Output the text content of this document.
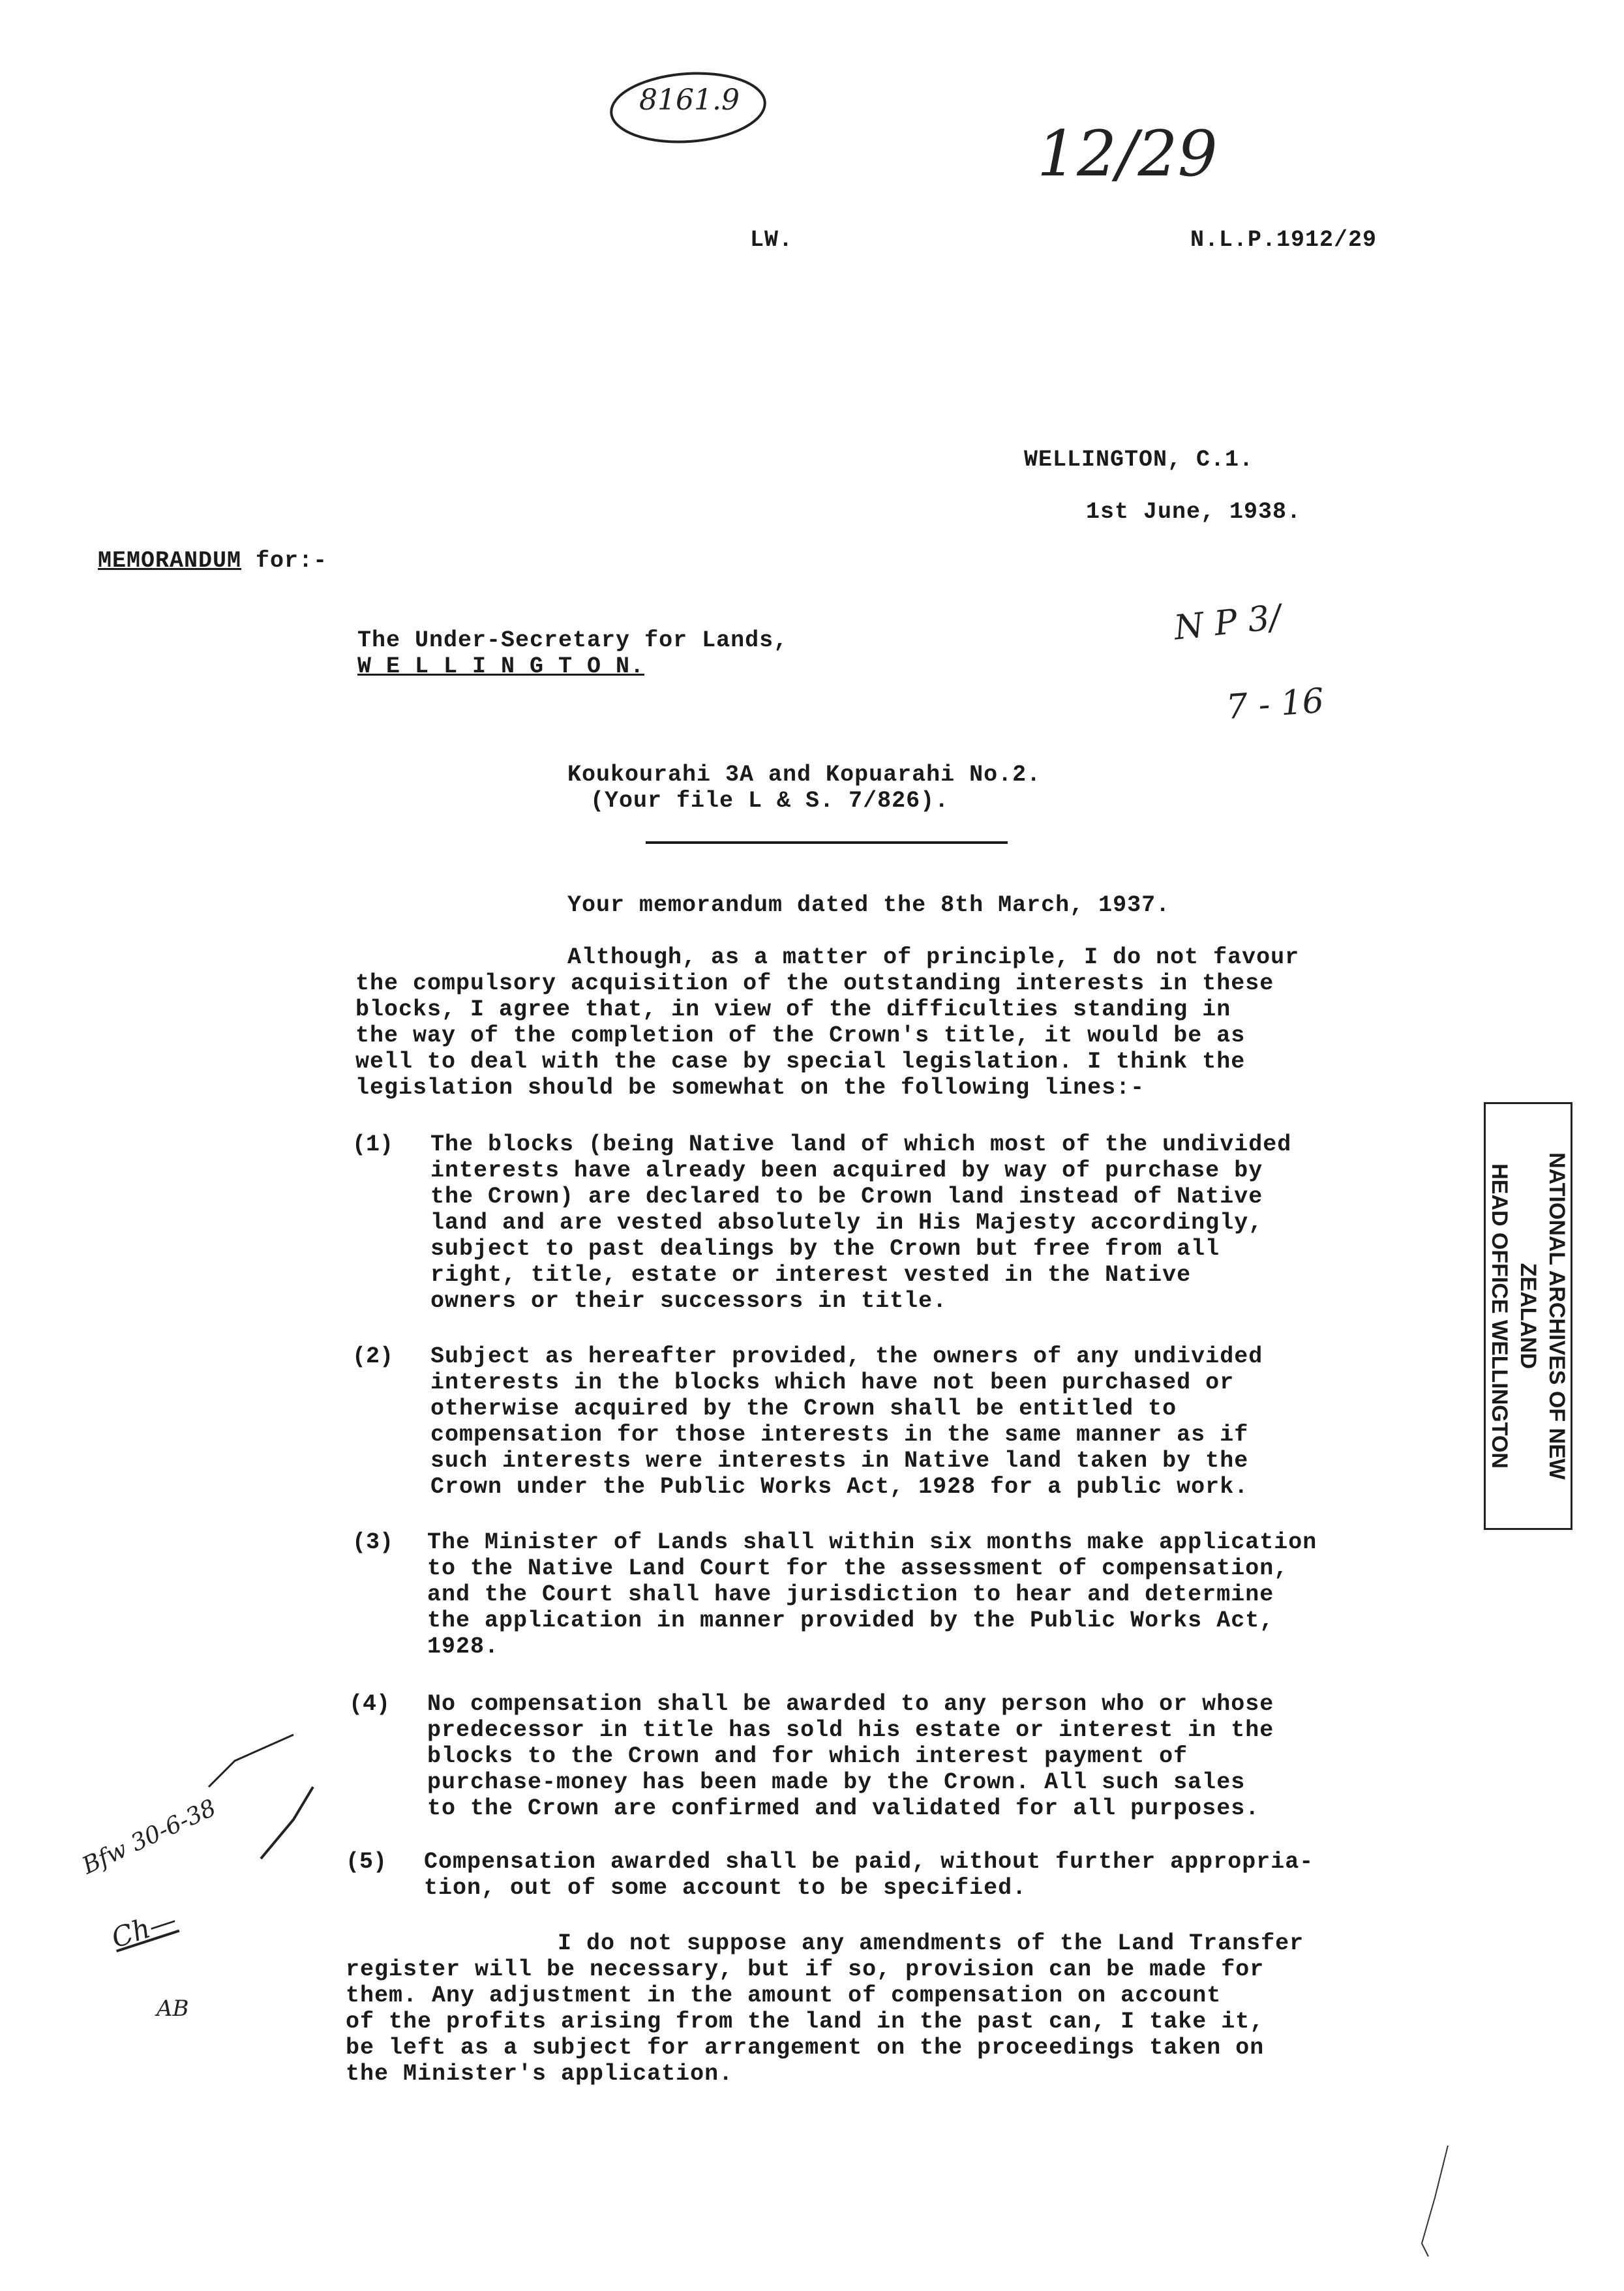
8161.9
12/29
LW.	N.L.P.1912/29
WELLINGTON, C.1.
1st June, 1938.
MEMORANDUM for:-
The Under-Secretary for Lands,
W E L L I N G T O N.
N P 3/
7 - 16
Koukourahi 3A and Kopuarahi No.2.
(Your file L & S. 7/826).
Your memorandum dated the 8th March, 1937.
Although, as a matter of principle, I do not favour
the compulsory acquisition of the outstanding interests in these
blocks, I agree that, in view of the difficulties standing in
the way of the completion of the Crown's title, it would be as
well to deal with the case by special legislation. I think the
legislation should be somewhat on the following lines:-
(1) The blocks (being Native land of which most of the undivided
interests have already been acquired by way of purchase by
the Crown) are declared to be Crown land instead of Native
land and are vested absolutely in His Majesty accordingly,
subject to past dealings by the Crown but free from all
right, title, estate or interest vested in the Native
owners or their successors in title.
(2) Subject as hereafter provided, the owners of any undivided
interests in the blocks which have not been purchased or
otherwise acquired by the Crown shall be entitled to
compensation for those interests in the same manner as if
such interests were interests in Native land taken by the
Crown under the Public Works Act, 1928 for a public work.
(3) The Minister of Lands shall within six months make application
to the Native Land Court for the assessment of compensation,
and the Court shall have jurisdiction to hear and determine
the application in manner provided by the Public Works Act,
1928.
(4) No compensation shall be awarded to any person who or whose
predecessor in title has sold his estate or interest in the
blocks to the Crown and for which interest payment of
purchase-money has been made by the Crown. All such sales
to the Crown are confirmed and validated for all purposes.
(5) Compensation awarded shall be paid, without further appropria-
tion, out of some account to be specified.
I do not suppose any amendments of the Land Transfer
register will be necessary, but if so, provision can be made for
them. Any adjustment in the amount of compensation on account
of the profits arising from the land in the past can, I take it,
be left as a subject for arrangement on the proceedings taken on
the Minister's application.
Bfw 30-6-38
Ch—
AB
NATIONAL ARCHIVES OF NEW ZEALAND
HEAD OFFICE WELLINGTON
